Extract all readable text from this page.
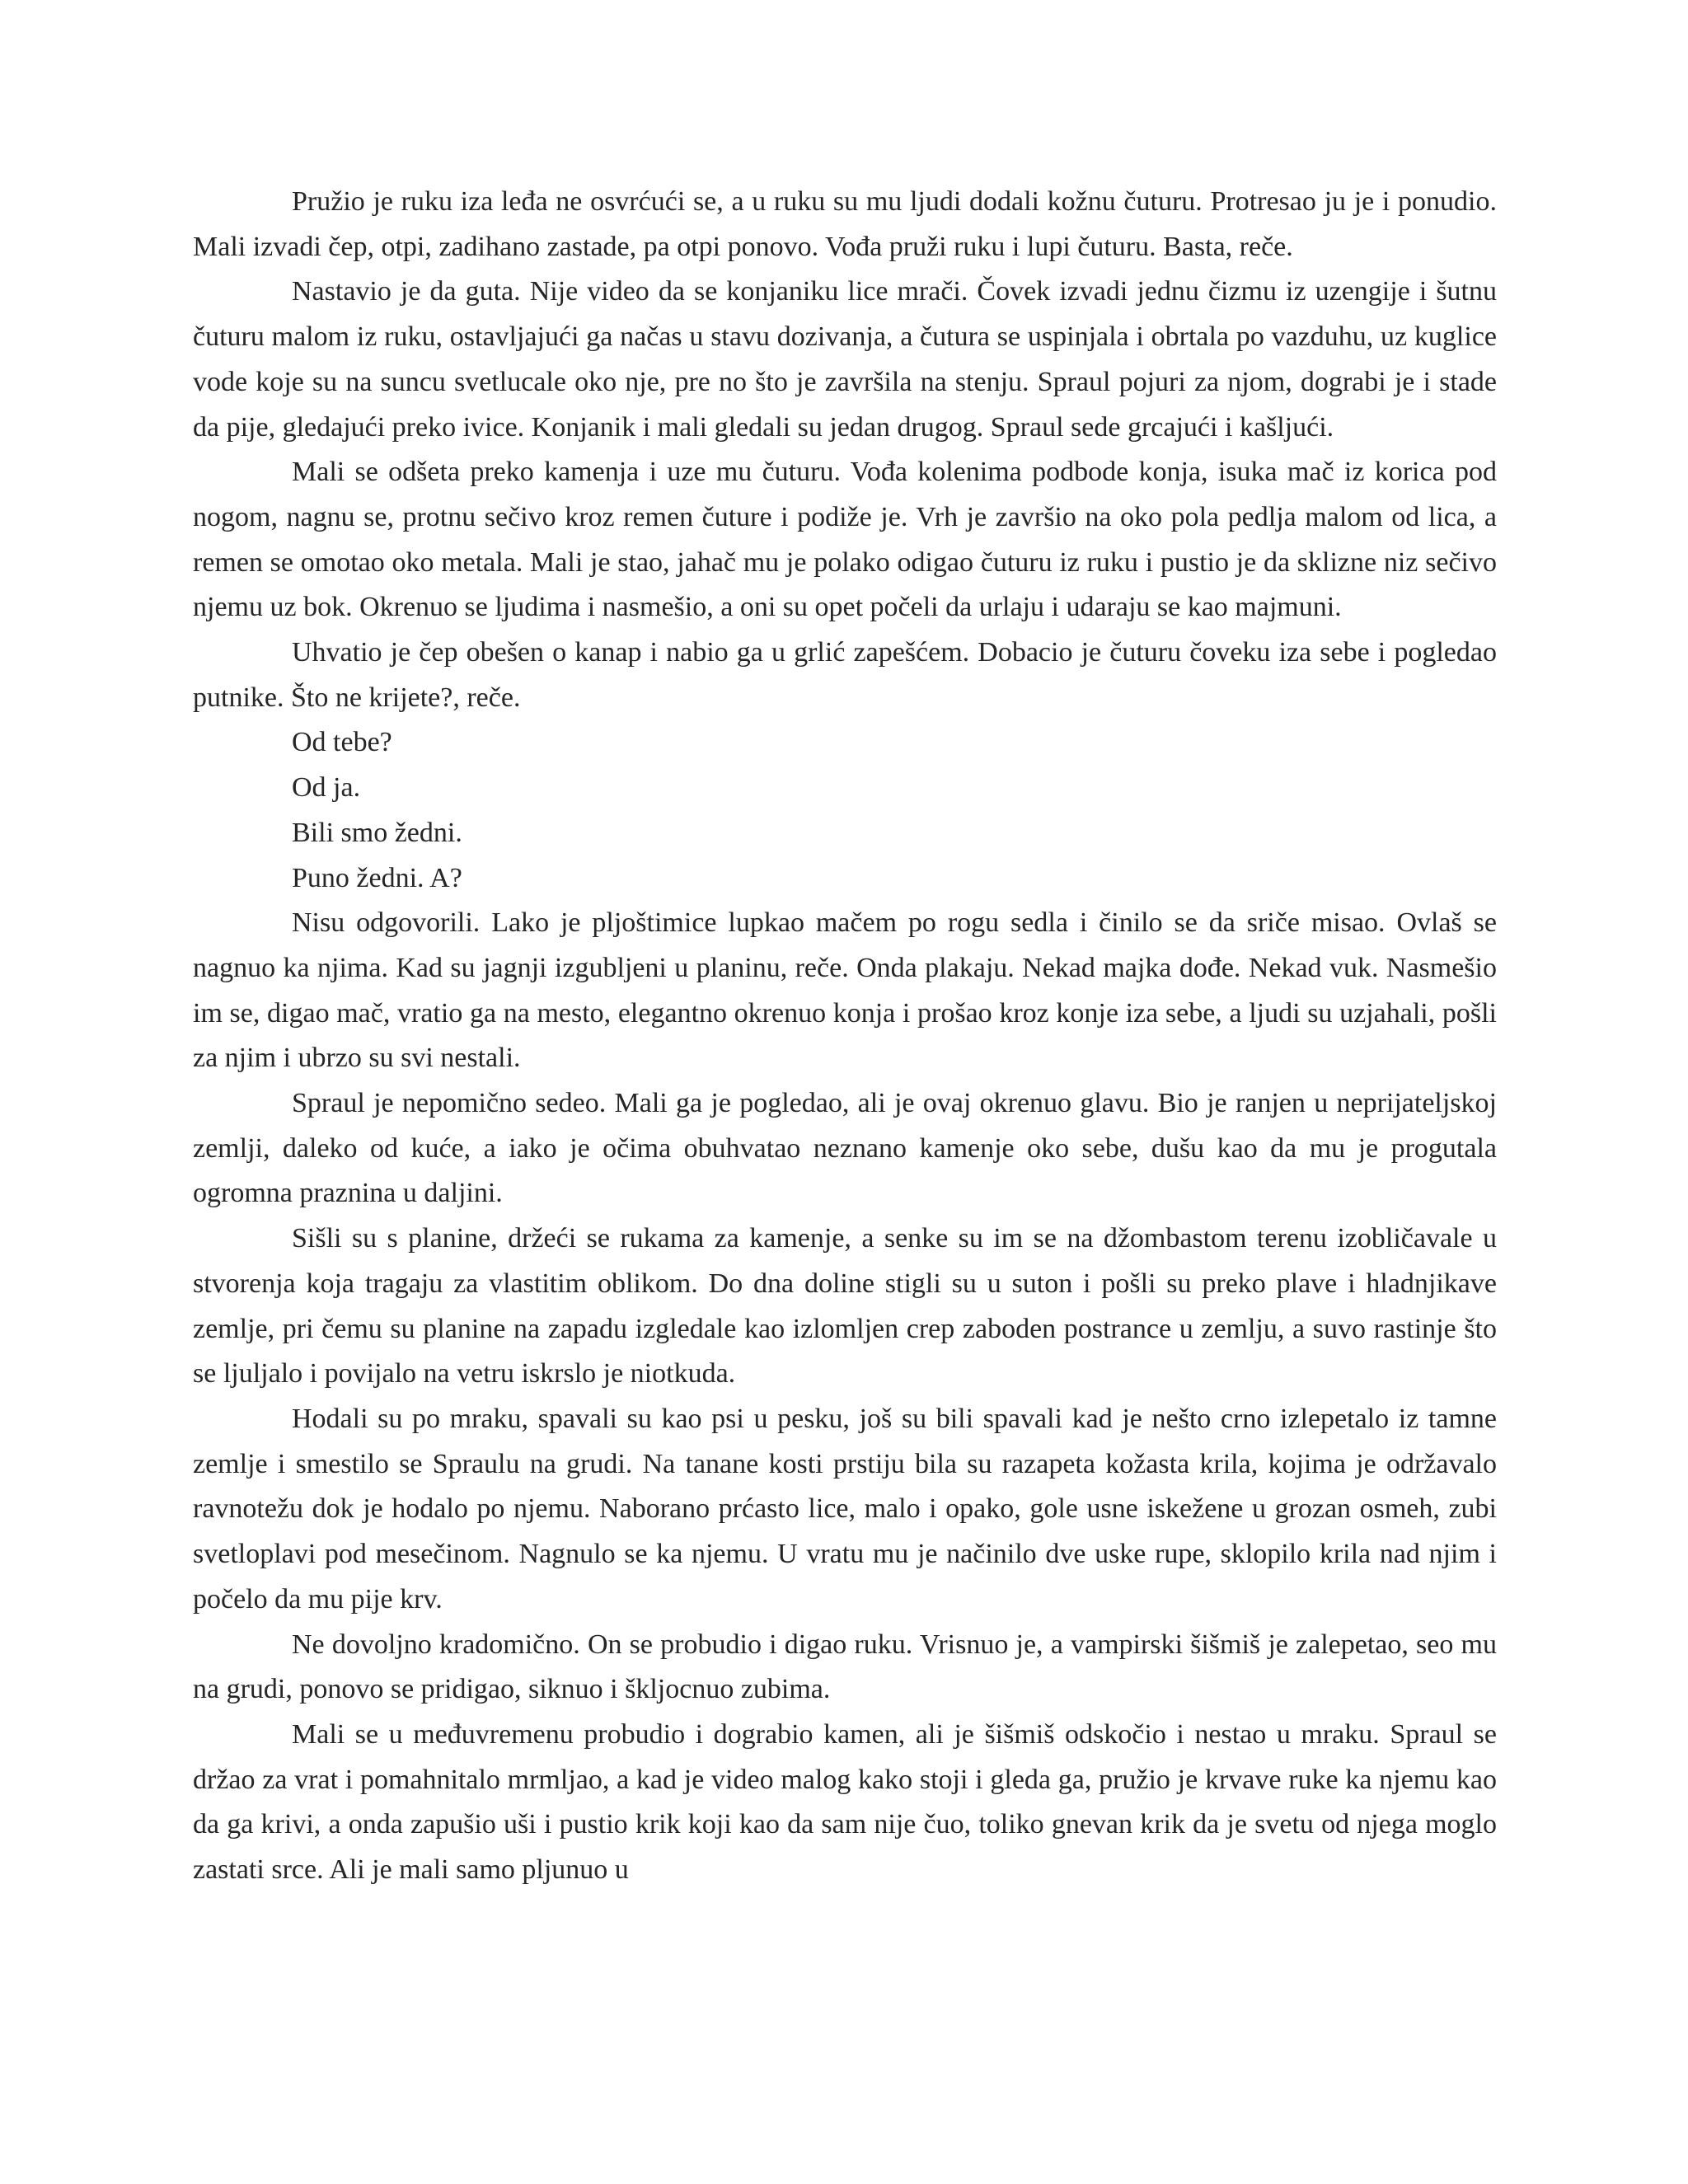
Pružio je ruku iza leđa ne osvrćući se, a u ruku su mu ljudi dodali kožnu čuturu. Protresao ju je i ponudio. Mali izvadi čep, otpi, zadihano zastade, pa otpi ponovo. Vođa pruži ruku i lupi čuturu. Basta, reče.

Nastavio je da guta. Nije video da se konjaniku lice mrači. Čovek izvadi jednu čizmu iz uzengije i šutnu čuturu malom iz ruku, ostavljajući ga načas u stavu dozivanja, a čutura se uspinjala i obrtala po vazduhu, uz kuglice vode koje su na suncu svetlucale oko nje, pre no što je završila na stenju. Spraul pojuri za njom, dograbi je i stade da pije, gledajući preko ivice. Konjanik i mali gledali su jedan drugog. Spraul sede grcajući i kašljući.

Mali se odšeta preko kamenja i uze mu čuturu. Vođa kolenima podbode konja, isuka mač iz korica pod nogom, nagnu se, protnu sečivo kroz remen čuture i podiže je. Vrh je završio na oko pola pedlja malom od lica, a remen se omotao oko metala. Mali je stao, jahač mu je polako odigao čuturu iz ruku i pustio je da sklizne niz sečivo njemu uz bok. Okrenuo se ljudima i nasmešio, a oni su opet počeli da urlaju i udaraju se kao majmuni.

Uhvatio je čep obešen o kanap i nabio ga u grlić zapešćem. Dobacio je čuturu čoveku iza sebe i pogledao putnike. Što ne krijete?, reče.

Od tebe?

Od ja.

Bili smo žedni.

Puno žedni. A?

Nisu odgovorili. Lako je pljoštimice lupkao mačem po rogu sedla i činilo se da sriče misao. Ovlaš se nagnuo ka njima. Kad su jagnji izgubljeni u planinu, reče. Onda plakaju. Nekad majka dođe. Nekad vuk. Nasmešio im se, digao mač, vratio ga na mesto, elegantno okrenuo konja i prošao kroz konje iza sebe, a ljudi su uzjahali, pošli za njim i ubrzo su svi nestali.

Spraul je nepomično sedeo. Mali ga je pogledao, ali je ovaj okrenuo glavu. Bio je ranjen u neprijateljskoj zemlji, daleko od kuće, a iako je očima obuhvatao neznano kamenje oko sebe, dušu kao da mu je progutala ogromna praznina u daljini.

Sišli su s planine, držeći se rukama za kamenje, a senke su im se na džombastom terenu izobličavale u stvorenja koja tragaju za vlastitim oblikom. Do dna doline stigli su u suton i pošli su preko plave i hladnjikave zemlje, pri čemu su planine na zapadu izgledale kao izlomljen crep zaboden postrance u zemlju, a suvo rastinje što se ljuljalo i povijalo na vetru iskrslo je niotkuda.

Hodali su po mraku, spavali su kao psi u pesku, još su bili spavali kad je nešto crno izlepetalo iz tamne zemlje i smestilo se Spraulu na grudi. Na tanane kosti prstiju bila su razapeta kožasta krila, kojima je održavalo ravnotežu dok je hodalo po njemu. Naborano prćasto lice, malo i opako, gole usne iskežene u grozan osmeh, zubi svetloplavi pod mesečinom. Nagnulo se ka njemu. U vratu mu je načinilo dve uske rupe, sklopilo krila nad njim i počelo da mu pije krv.

Ne dovoljno kradomično. On se probudio i digao ruku. Vrisnuo je, a vampirski šišmiš je zalepetao, seo mu na grudi, ponovo se pridigao, siknuo i škljocnuo zubima.

Mali se u međuvremenu probudio i dograbio kamen, ali je šišmiš odskočio i nestao u mraku. Spraul se držao za vrat i pomahnitalo mrmljao, a kad je video malog kako stoji i gleda ga, pružio je krvave ruke ka njemu kao da ga krivi, a onda zapušio uši i pustio krik koji kao da sam nije čuo, toliko gnevan krik da je svetu od njega moglo zastati srce. Ali je mali samo pljunuo u
